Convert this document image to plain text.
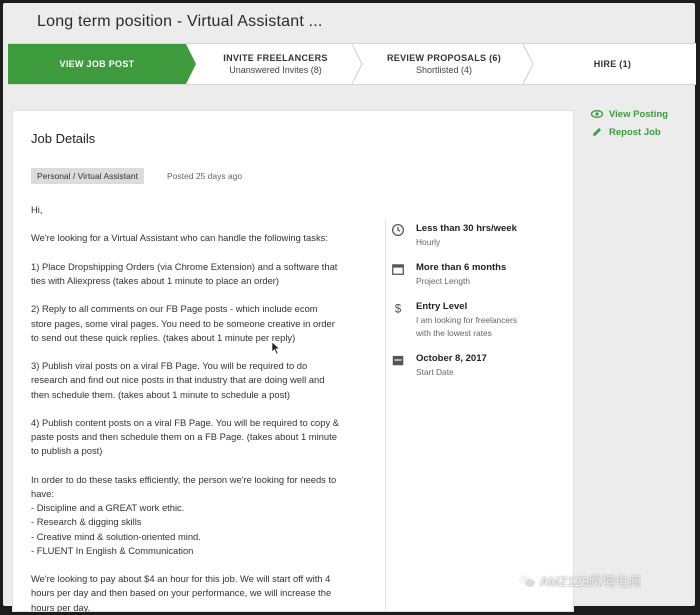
Long term position - Virtual Assistant ...
VIEW JOB POST
INVITE FREELANCERS
Unanswered Invites (8)
REVIEW PROPOSALS (6)
Shortlisted (4)
HIRE (1)
View Posting
Repost Job
Job Details
Personal / Virtual Assistant	Posted 25 days ago
Hi,
We're looking for a Virtual Assistant who can handle the following tasks:
1) Place Dropshipping Orders (via Chrome Extension) and a software that
ties with Aliexpress (takes about 1 minute to place an order)
2) Reply to all comments on our FB Page posts - which include ecom
store pages, some viral pages. You need to be someone creative in order
to send out these quick replies. (takes about 1 minute per reply)
3) Publish viral posts on a viral FB Page. You will be required to do
research and find out nice posts in that industry that are doing well and
then schedule them. (takes about 1 minute to schedule a post)
4) Publish content posts on a viral FB Page. You will be required to copy &
paste posts and then schedule them on a FB Page. (takes about 1 minute
to publish a post)
In order to do these tasks efficiently, the person we're looking for needs to
have:
- Discipline and a GREAT work ethic.
- Research & digging skills
- Creative mind & solution-oriented mind.
- FLUENT In English & Communication
We're looking to pay about $4 an hour for this job. We will start off with 4
hours per day and then based on your performance, we will increase the
hours per day.
Less than 30 hrs/week
Hourly
More than 6 months
Project Length
$ Entry Level
I am looking for freelancers
with the lowest rates
October 8, 2017
Start Date
AMZ123跨境电商
